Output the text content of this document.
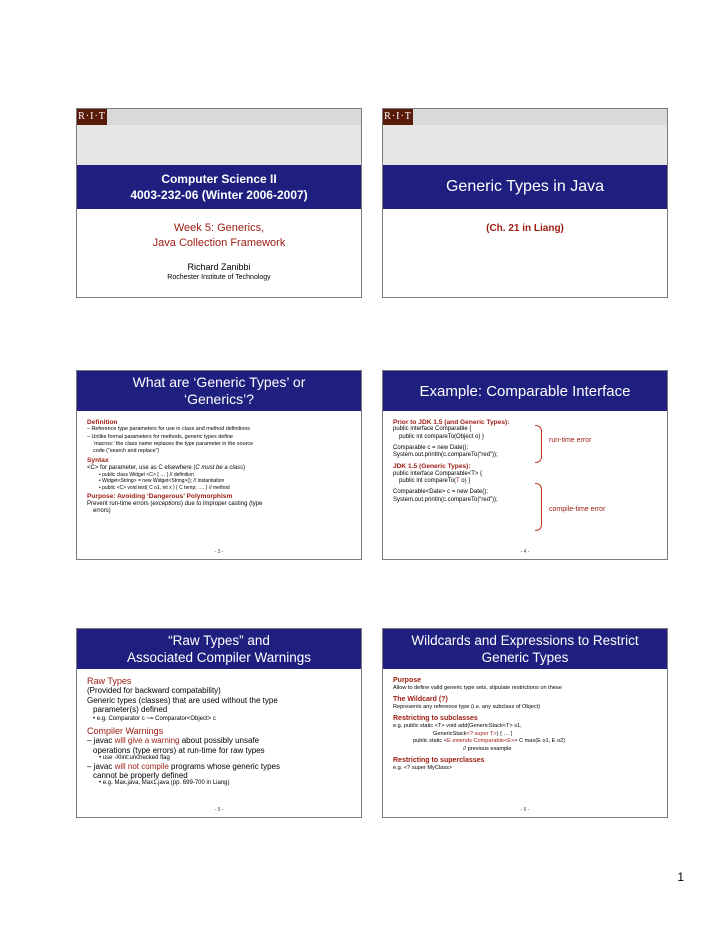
R·I·T
Computer Science II
4003-232-06 (Winter 2006-2007)
Week 5: Generics,
Java Collection Framework
Richard Zanibbi
Rochester Institute of Technology
R·I·T
Generic Types in Java
(Ch. 21 in Liang)
What are ‘Generic Types’ or
‘Generics’?
Definition
– Reference type parameters for use in class and method definitions
– Unlike formal parameters for methods, generic types define
‘macros:’ the class name replaces the type parameter in the source
code (“search and replace”)
Syntax
<C> for parameter, use as C elsewhere (C must be a class)
• public class Widget <C> { … } // definition
• Widget<String> = new Widget<String>(); // instantiation
• public <C> void test( C o1, int x ) { C temp; …. } // method
Purpose: Avoiding ‘Dangerous’ Polymorphism
Prevent run-time errors (exceptions) due to improper casting (type
errors)
- 3 -
Example: Comparable Interface
Prior to JDK 1.5 (and Generic Types):
public interface Comparable {
public int compareTo(Object o) }
Comparable c = new Date();
System.out.println(c.compareTo(“red”));
JDK 1.5 (Generic Types):
public interface Comparable<T> {
public int compareTo(T o) }
Comparable<Date> c = new Date();
System.out.println(c.compareTo(“red”));
run-time error
compile-time error
- 4 -
“Raw Types” and
Associated Compiler Warnings
Raw Types
(Provided for backward compatability)
Generic types (classes) that are used without the type
parameter(s) defined
• e.g. Comparator c ~= Comparator<Object> c
Compiler Warnings
– javac will give a warning about possibly unsafe
operations (type errors) at run-time for raw types
• use -Xlint:unchecked flag
– javac will not compile programs whose generic types
cannot be properly defined
• e.g. Max.java, Max1.java (pp. 699-700 in Liang)
- 5 -
Wildcards and Expressions to Restrict
Generic Types
Purpose
Allow to define valid generic type sets, stipulate restrictions on these
The Wildcard (?)
Represents any reference type (i.e. any subclass of Object)
Restricting to subclasses
e.g. public static <T> void add(GenericStack<T> s1,
GenericStack<? super T>) { … }
public static <E extends Comparable<E>> C max(E o1, E o2)
// previous example
Restricting to superclasses
e.g. <? super MyClass>
- 6 -
1
